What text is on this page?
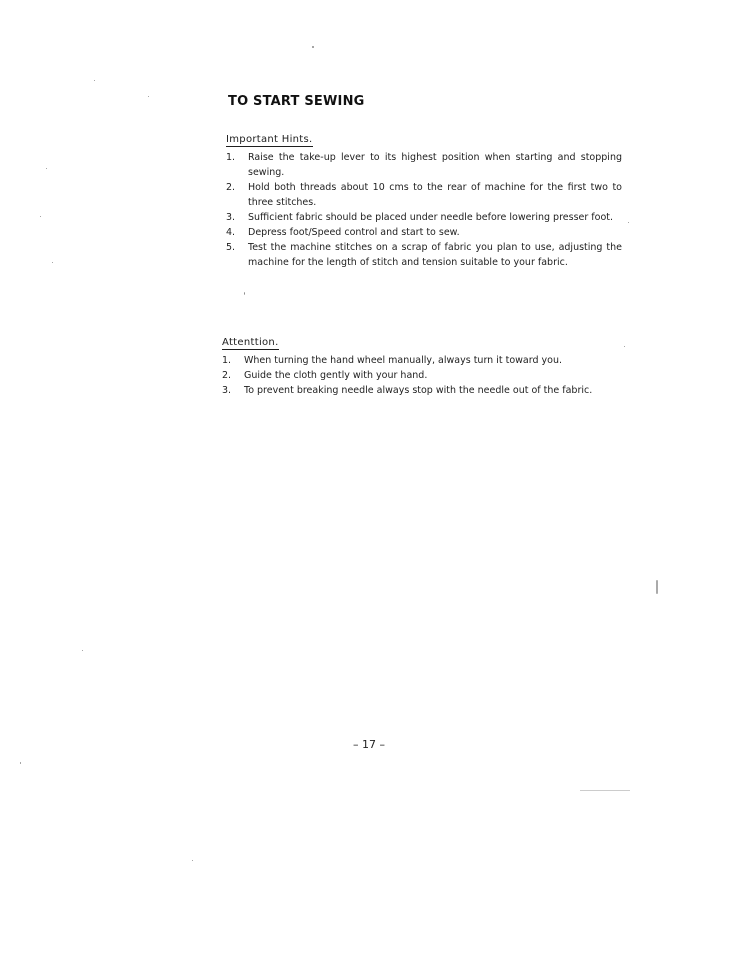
TO START SEWING
Important Hints.
1.	Raise the take-up lever to its highest position when starting and stopping sewing.
2.	Hold both threads about 10 cms to the rear of machine for the first two to three stitches.
3.	Sufficient fabric should be placed under needle before lowering presser foot.
4.	Depress foot/Speed control and start to sew.
5.	Test the machine stitches on a scrap of fabric you plan to use, adjusting the machine for the length of stitch and tension suitable to your fabric.
Attenttion.
1.	When turning the hand wheel manually, always turn it toward you.
2.	Guide the cloth gently with your hand.
3.	To prevent breaking needle always stop with the needle out of the fabric.
– 17 –
